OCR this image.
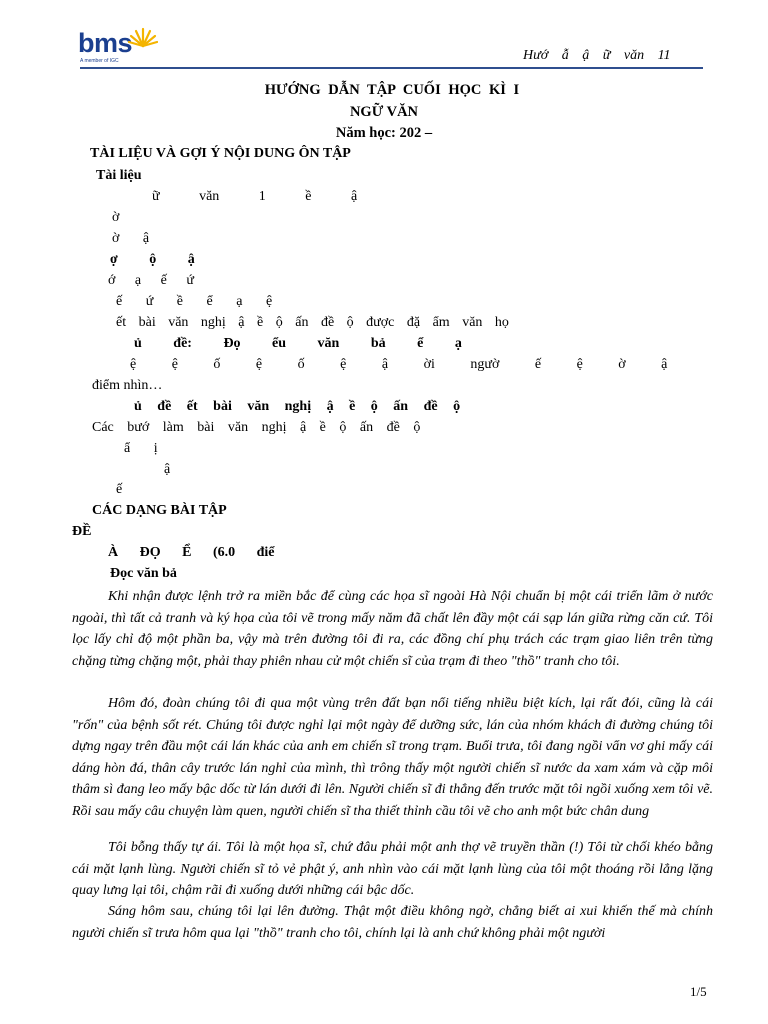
bms
A member of IGC	Hướ ẫ ậ ữ văn 11
HƯỚNG DẪN TẬP CUỐI HỌC KÌ I
NGỮ VĂN
Năm học: 202 –
TÀI LIỆU VÀ GỢI Ý NỘI DUNG ÔN TẬP
Tài liệu
ữ văn 1 ề ậ
ờ
ờ ậ
ợ ộ ậ
ớ ạ ế ứ
ế ứ ề ể ạ ệ
ết bài văn nghị ậ ề ộ ấn đề ộ được đặ ẩm văn họ
ủ đề: Đọ ểu văn bả ể ạ
ệ ệ ố ệ ố ệ ậ ời ngườ ế ệ ờ ậ
điểm nhìn…
ủ đề ết bài văn nghị ậ ề ộ ấn đề ộ
Các bướ làm bài văn nghị ậ ề ộ ấn đề ộ
ẩ ị
ậ
ế
CÁC DẠNG BÀI TẬP
ĐỀ
À ĐỌ Ể (6.0 điể
Đọc văn bả
Khi nhận được lệnh trở ra miền bắc để cùng các họa sĩ ngoài Hà Nội chuẩn bị một cái triển lãm ở nước ngoài, thì tất cả tranh và ký họa của tôi vẽ trong mấy năm đã chất lên đầy một cái sạp lán giữa rừng căn cứ. Tôi lọc lấy chỉ độ một phần ba, vậy mà trên đường tôi đi ra, các đồng chí phụ trách các trạm giao liên trên từng chặng từng chặng một, phải thay phiên nhau cử một chiến sĩ của trạm đi theo "thồ" tranh cho tôi.
Hôm đó, đoàn chúng tôi đi qua một vùng trên đất bạn nổi tiếng nhiều biệt kích, lại rất đói, cũng là cái "rốn" của bệnh sốt rét. Chúng tôi được nghỉ lại một ngày để dưỡng sức, lán của nhóm khách đi đường chúng tôi dựng ngay trên đầu một cái lán khác của anh em chiến sĩ trong trạm. Buổi trưa, tôi đang ngồi vẩn vơ ghi mấy cái dáng hòn đá, thân cây trước lán nghỉ của mình, thì trông thấy một người chiến sĩ nước da xam xám và cặp môi thâm sì đang leo mấy bậc dốc từ lán dưới đi lên. Người chiến sĩ đi thẳng đến trước mặt tôi ngồi xuống xem tôi vẽ. Rồi sau mấy câu chuyện làm quen, người chiến sĩ tha thiết thỉnh cầu tôi vẽ cho anh một bức chân dung
Tôi bỗng thấy tự ái. Tôi là một họa sĩ, chứ đâu phải một anh thợ vẽ truyền thần (!) Tôi từ chối khéo bằng cái mặt lạnh lùng. Người chiến sĩ tỏ vẻ phật ý, anh nhìn vào cái mặt lạnh lùng của tôi một thoáng rồi lẳng lặng quay lưng lại tôi, chậm rãi đi xuống dưới những cái bậc dốc.
Sáng hôm sau, chúng tôi lại lên đường. Thật một điều không ngờ, chẳng biết ai xui khiến thế mà chính người chiến sĩ trưa hôm qua lại "thồ" tranh cho tôi, chính lại là anh chứ không phải một người
1/5
